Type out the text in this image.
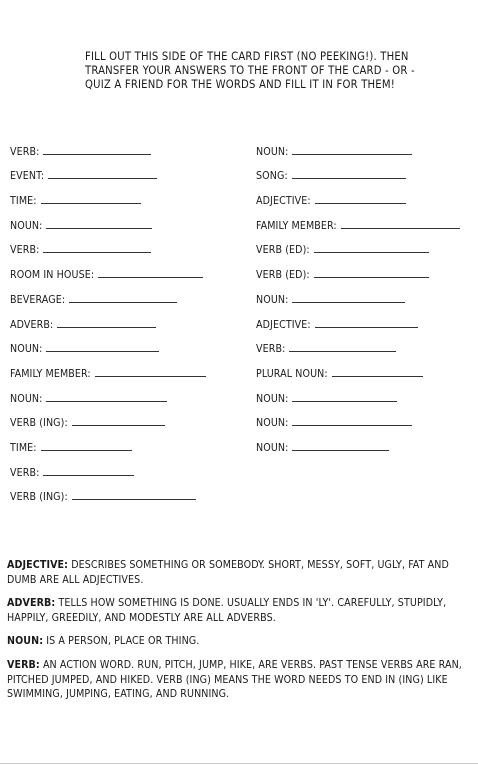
FILL OUT THIS SIDE OF THE CARD FIRST (NO PEEKING!). THEN
TRANSFER YOUR ANSWERS TO THE FRONT OF THE CARD - OR -
QUIZ A FRIEND FOR THE WORDS AND FILL IT IN FOR THEM!
VERB:
EVENT:
TIME:
NOUN:
VERB:
ROOM IN HOUSE:
BEVERAGE:
ADVERB:
NOUN:
FAMILY MEMBER:
NOUN:
VERB (ING):
TIME:
VERB:
VERB (ING):
NOUN:
SONG:
ADJECTIVE:
FAMILY MEMBER:
VERB (ED):
VERB (ED):
NOUN:
ADJECTIVE:
VERB:
PLURAL NOUN:
NOUN:
NOUN:
NOUN:
ADJECTIVE: DESCRIBES SOMETHING OR SOMEBODY. SHORT, MESSY, SOFT, UGLY, FAT AND DUMB ARE ALL ADJECTIVES.
ADVERB: TELLS HOW SOMETHING IS DONE. USUALLY ENDS IN 'LY'. CAREFULLY, STUPIDLY, HAPPILY, GREEDILY, AND MODESTLY ARE ALL ADVERBS.
NOUN: IS A PERSON, PLACE OR THING.
VERB: AN ACTION WORD. RUN, PITCH, JUMP, HIKE, ARE VERBS. PAST TENSE VERBS ARE RAN, PITCHED JUMPED, AND HIKED. VERB (ING) MEANS THE WORD NEEDS TO END IN (ING) LIKE SWIMMING, JUMPING, EATING, AND RUNNING.
